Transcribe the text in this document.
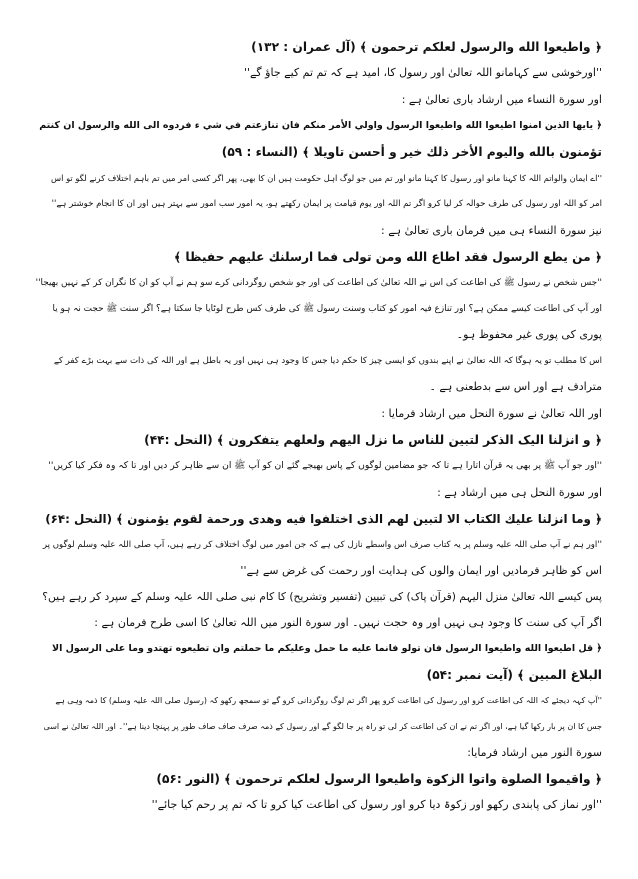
﴿ واطيعوا الله والرسول لعلكم ترحمون ﴾ (آل عمران : ۱۳۲)

''اورخوشی سے کہامانو اللہ تعالیٰ اور رسول کا، امید ہے کہ تم تم کیے جاؤ گے''

اور سورة النساء میں ارشاد باری تعالیٰ ہے :

﴿ يايها الذين امنوا اطيعوا الله واطيعوا الرسول واولي الأمر منكم فان تنازعتم في شي ء فردوه الى الله والرسول ان كنتم
تؤمنون بالله واليوم الأخر ذلك خير و أحسن تاويلا ﴾ (النساء : ۵۹)

''اے ایمان والواتم اللہ کا کہنا مانو اور رسول کا کہنا مانو اور تم میں جو لوگ اہل حکومت ہیں ان کا بھی، پھر اگر کسی امر میں تم باہم اختلاف کرنے لگو تو اس
امر کو اللہ اور رسول کی طرف حوالہ کر لیا کرو اگر تم اللہ اور یوم قیامت پر ایمان رکھتے ہو، یہ امور سب امور سے بہتر ہیں اور ان کا انجام خوشتر ہے''

نیز سورة النساء ہی میں فرمان باری تعالیٰ ہے :

﴿ من يطع الرسول فقد اطاع الله ومن تولى فما ارسلنك عليهم حفيظا ﴾

''جس شخص نے رسول ﷺ کی اطاعت کی اس نے اللہ تعالیٰ کی اطاعت کی اور جو شخص روگردانی کرے سو ہم نے آپ کو ان کا نگران کر کے نہیں بھیجا''
اور آپ کی اطاعت کیسے ممکن ہے؟ اور تنازع فیہ امور کو کتاب وسنت رسول ﷺ کی طرف کس طرح لوٹایا جا سکتا ہے؟ اگر سنت ﷺ حجت نہ ہو یا
پوری کی پوری غیر محفوظ ہو۔

اس کا مطلب تو یہ ہوگا کہ اللہ تعالیٰ نے اپنے بندوں کو ایسی چیز کا حکم دیا جس کا وجود ہی نہیں اور یہ باطل ہے اور اللہ کی ذات سے بہت بڑے کفر کے
مترادف ہے اور اس سے بدطعنی ہے ۔

اور اللہ تعالیٰ نے سورة النحل میں ارشاد فرمایا :

﴿ و انزلنا اليک الذکر لتبين للناس ما نزل اليهم ولعلهم يتفكرون ﴾ (النحل :۴۴)

''اور جو آپ ﷺ پر بھی یہ قرآن اتارا ہے تا کہ جو مضامین لوگوں کے پاس بھیجے گئے ان کو آپ ﷺ ان سے ظاہر کر دیں اور تا کہ وہ فکر کیا کریں''

اور سورة النحل ہی میں ارشاد ہے :

﴿ وما انزلنا عليك الكتاب الا لتبين لهم الذى اختلفوا فيه وهدى ورحمة لقوم يؤمنون ﴾ (النحل :۶۴)

''اور ہم نے آپ صلی اللہ علیہ وسلم پر یہ کتاب صرف اس واسطے نازل کی ہے کہ جن امور میں لوگ اختلاف کر رہے ہیں، آپ صلی اللہ علیہ وسلم لوگوں پر
اس کو ظاہر فرمادیں اور ایمان والوں کی ہدایت اور رحمت کی غرض سے ہے''

پس کیسے اللہ تعالیٰ منزل الیہم (قرآن پاک) کی تبیین (تفسیر وتشریح) کا کام نبی صلی اللہ علیہ وسلم کے سپرد کر رہے ہیں؟

اگر آپ کی سنت کا وجود ہی نہیں اور وہ حجت نہیں۔ اور سورة النور میں اللہ تعالیٰ کا اسی طرح فرمان ہے :

﴿ قل اطيعوا الله واطيعوا الرسول فان تولو فانما عليه ما حمل وعليكم ما حملتم وان تطيعوه تهتدو وما على الرسول الا
البلاغ المبين ﴾ (آیت نمبر :۵۴)

''آپ کہہ دیجئے کہ اللہ کی اطاعت کرو اور رسول کی اطاعت کرو پھر اگر تم لوگ روگردانی کرو گے تو سمجھ رکھو کہ (رسول صلی اللہ علیہ وسلم) کا ذمہ وہی ہے
جس کا ان پر بار رکھا گیا ہے، اور اگر تم نے ان کی اطاعت کر لی تو راہ پر جا لگو گے اور رسول کے ذمہ صرف صاف صاف طور پر پہنچا دینا ہے''۔ اور اللہ تعالیٰ نے اسی
سورة النور میں ارشاد فرمایا:

﴿ واقيموا الصلوة واتوا الزكوة واطيعوا الرسول لعلكم ترحمون ﴾ (النور :۵۶)

''اور نماز کی پابندی رکھو اور زکوۃ دیا کرو اور رسول کی اطاعت کیا کرو تا کہ تم پر رحم کیا جائے''
